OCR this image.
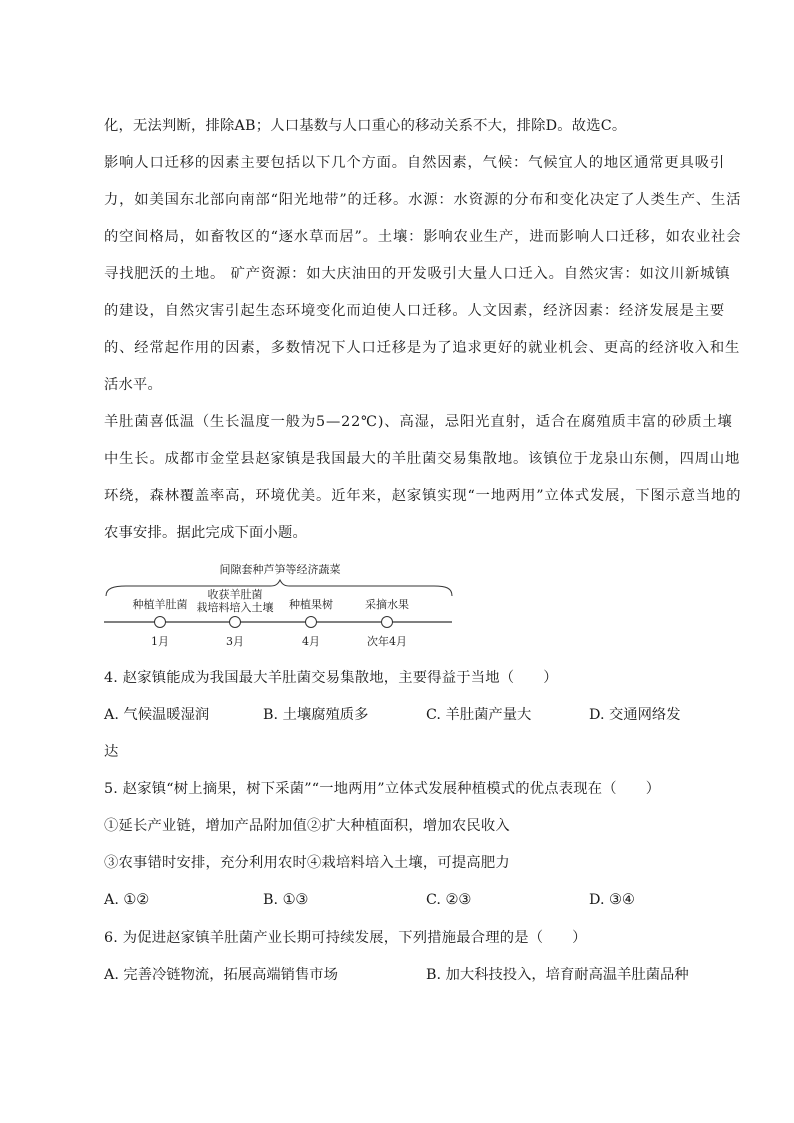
化，无法判断，排除AB；人口基数与人口重心的移动关系不大，排除D。故选C。
影响人口迁移的因素主要包括以下几个方面。自然因素，气候：气候宜人的地区通常更具吸引
力，如美国东北部向南部“阳光地带”的迁移。水源：水资源的分布和变化决定了人类生产、生活
的空间格局，如畜牧区的“逐水草而居”。土壤：影响农业生产，进而影响人口迁移，如农业社会
寻找肥沃的土地。 矿产资源：如大庆油田的开发吸引大量人口迁入。自然灾害：如汶川新城镇
的建设，自然灾害引起生态环境变化而迫使人口迁移。人文因素，经济因素：经济发展是主要
的、经常起作用的因素，多数情况下人口迁移是为了追求更好的就业机会、更高的经济收入和生
活水平。
羊肚菌喜低温（生长温度一般为5—22℃)、高湿，忌阳光直射，适合在腐殖质丰富的砂质土壤
中生长。成都市金堂县赵家镇是我国最大的羊肚菌交易集散地。该镇位于龙泉山东侧，四周山地
环绕，森林覆盖率高，环境优美。近年来，赵家镇实现“一地两用”立体式发展，下图示意当地的
农事安排。据此完成下面小题。
间隙套种芦笋等经济蔬菜
种植羊肚菌
1月
收获羊肚菌
栽培料培入土壤
3月
种植果树
4月
采摘水果
次年4月
4. 赵家镇能成为我国最大羊肚菌交易集散地，主要得益于当地（　　）
A. 气候温暖湿润	B. 土壤腐殖质多	C. 羊肚菌产量大	D. 交通网络发
达
5. 赵家镇“树上摘果，树下采菌”“一地两用”立体式发展种植模式的优点表现在（　　）
①延长产业链，增加产品附加值②扩大种植面积，增加农民收入
③农事错时安排，充分利用农时④栽培料培入土壤，可提高肥力
A. ①②	B. ①③	C. ②③	D. ③④
6. 为促进赵家镇羊肚菌产业长期可持续发展，下列措施最合理的是（　　）
A. 完善冷链物流，拓展高端销售市场	B. 加大科技投入，培育耐高温羊肚菌品种
